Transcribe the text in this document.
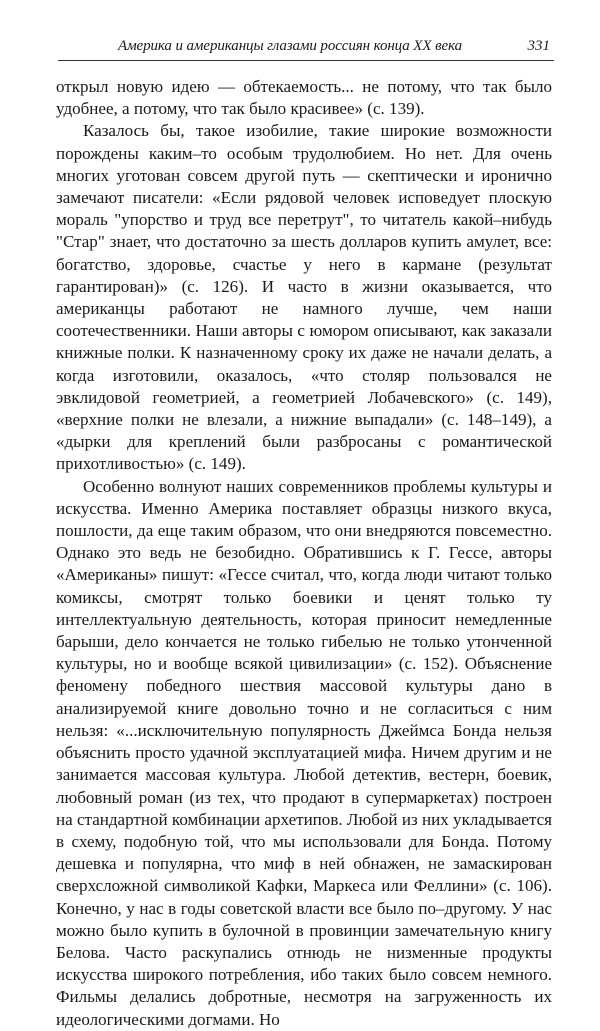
Америка и американцы глазами россиян конца XX века	331

открыл новую идею — обтекаемость... не потому, что так было удобнее, а потому, что так было красивее» (с. 139).

Казалось бы, такое изобилие, такие широкие возможности порождены каким–то особым трудолюбием. Но нет. Для очень многих уготован совсем другой путь — скептически и иронично замечают писатели: «Если рядовой человек исповедует плоскую мораль "упорство и труд все перетрут", то читатель какой–нибудь "Стар" знает, что достаточно за шесть долларов купить амулет, все: богатство, здоровье, счастье у него в кармане (результат гарантирован)» (с. 126). И часто в жизни оказывается, что американцы работают не намного лучше, чем наши соотечественники. Наши авторы с юмором описывают, как заказали книжные полки. К назначенному сроку их даже не начали делать, а когда изготовили, оказалось, «что столяр пользовался не эвклидовой геометрией, а геометрией Лобачевского» (с. 149), «верхние полки не влезали, а нижние выпадали» (с. 148–149), а «дырки для креплений были разбросаны с романтической прихотливостью» (с. 149).

Особенно волнуют наших современников проблемы культуры и искусства. Именно Америка поставляет образцы низкого вкуса, пошлости, да еще таким образом, что они внедряются повсеместно. Однако это ведь не безобидно. Обратившись к Г. Гессе, авторы «Американы» пишут: «Гессе считал, что, когда люди читают только комиксы, смотрят только боевики и ценят только ту интеллектуальную деятельность, которая приносит немедленные барыши, дело кончается не только гибелью не только утонченной культуры, но и вообще всякой цивилизации» (с. 152). Объяснение феномену победного шествия массовой культуры дано в анализируемой книге довольно точно и не согласиться с ним нельзя: «...исключительную популярность Джеймса Бонда нельзя объяснить просто удачной эксплуатацией мифа. Ничем другим и не занимается массовая культура. Любой детектив, вестерн, боевик, любовный роман (из тех, что продают в супермаркетах) построен на стандартной комбинации архетипов. Любой из них укладывается в схему, подобную той, что мы использовали для Бонда. Потому дешевка и популярна, что миф в ней обнажен, не замаскирован сверхсложной символикой Кафки, Маркеса или Феллини» (с. 106). Конечно, у нас в годы советской власти все было по–другому. У нас можно было купить в булочной в провинции замечательную книгу Белова. Часто раскупались отнюдь не низменные продукты искусства широкого потребления, ибо таких было совсем немного. Фильмы делались добротные, несмотря на загруженность их идеологическими догмами. Но
